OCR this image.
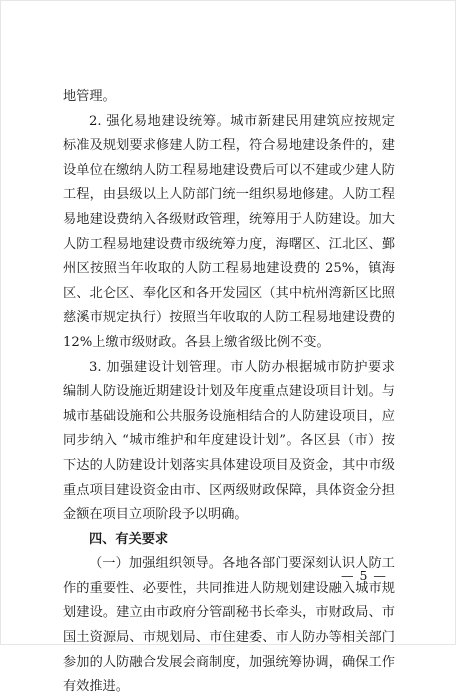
地管理。

2. 强化易地建设统筹。城市新建民用建筑应按规定标准及规划要求修建人防工程，符合易地建设条件的，建设单位在缴纳人防工程易地建设费后可以不建或少建人防工程，由县级以上人防部门统一组织易地修建。人防工程易地建设费纳入各级财政管理，统筹用于人防建设。加大人防工程易地建设费市级统筹力度，海曙区、江北区、鄞州区按照当年收取的人防工程易地建设费的 25%，镇海区、北仑区、奉化区和各开发园区（其中杭州湾新区比照慈溪市规定执行）按照当年收取的人防工程易地建设费的 12%上缴市级财政。各县上缴省级比例不变。

3. 加强建设计划管理。市人防办根据城市防护要求编制人防设施近期建设计划及年度重点建设项目计划。与城市基础设施和公共服务设施相结合的人防建设项目，应同步纳入 “城市维护和年度建设计划”。各区县（市）按下达的人防建设计划落实具体建设项目及资金，其中市级重点项目建设资金由市、区两级财政保障，具体资金分担金额在项目立项阶段予以明确。

四、有关要求

（一）加强组织领导。各地各部门要深刻认识人防工作的重要性、必要性，共同推进人防规划建设融入城市规划建设。建立由市政府分管副秘书长牵头，市财政局、市国土资源局、市规划局、市住建委、市人防办等相关部门参加的人防融合发展会商制度，加强统筹协调，确保工作有效推进。

— 5 —
